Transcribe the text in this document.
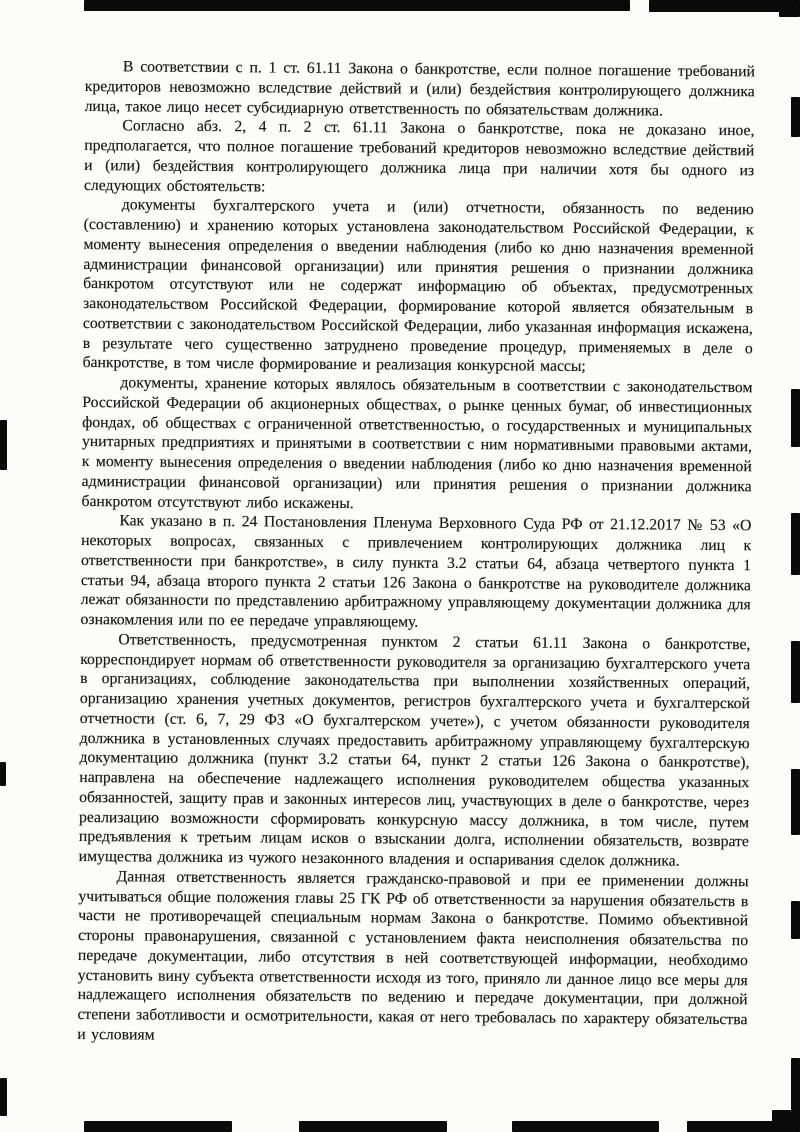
В соответствии с п. 1 ст. 61.11 Закона о банкротстве, если полное погашение требований кредиторов невозможно вследствие действий и (или) бездействия контролирующего должника лица, такое лицо несет субсидиарную ответственность по обязательствам должника.

Согласно абз. 2, 4 п. 2 ст. 61.11 Закона о банкротстве, пока не доказано иное, предполагается, что полное погашение требований кредиторов невозможно вследствие действий и (или) бездействия контролирующего должника лица при наличии хотя бы одного из следующих обстоятельств:

документы бухгалтерского учета и (или) отчетности, обязанность по ведению (составлению) и хранению которых установлена законодательством Российской Федерации, к моменту вынесения определения о введении наблюдения (либо ко дню назначения временной администрации финансовой организации) или принятия решения о признании должника банкротом отсутствуют или не содержат информацию об объектах, предусмотренных законодательством Российской Федерации, формирование которой является обязательным в соответствии с законодательством Российской Федерации, либо указанная информация искажена, в результате чего существенно затруднено проведение процедур, применяемых в деле о банкротстве, в том числе формирование и реализация конкурсной массы;

документы, хранение которых являлось обязательным в соответствии с законодательством Российской Федерации об акционерных обществах, о рынке ценных бумаг, об инвестиционных фондах, об обществах с ограниченной ответственностью, о государственных и муниципальных унитарных предприятиях и принятыми в соответствии с ним нормативными правовыми актами, к моменту вынесения определения о введении наблюдения (либо ко дню назначения временной администрации финансовой организации) или принятия решения о признании должника банкротом отсутствуют либо искажены.

Как указано в п. 24 Постановления Пленума Верховного Суда РФ от 21.12.2017 № 53 «О некоторых вопросах, связанных с привлечением контролирующих должника лиц к ответственности при банкротстве», в силу пункта 3.2 статьи 64, абзаца четвертого пункта 1 статьи 94, абзаца второго пункта 2 статьи 126 Закона о банкротстве на руководителе должника лежат обязанности по представлению арбитражному управляющему документации должника для ознакомления или по ее передаче управляющему.

Ответственность, предусмотренная пунктом 2 статьи 61.11 Закона о банкротстве, корреспондирует нормам об ответственности руководителя за организацию бухгалтерского учета в организациях, соблюдение законодательства при выполнении хозяйственных операций, организацию хранения учетных документов, регистров бухгалтерского учета и бухгалтерской отчетности (ст. 6, 7, 29 ФЗ «О бухгалтерском учете»), с учетом обязанности руководителя должника в установленных случаях предоставить арбитражному управляющему бухгалтерскую документацию должника (пункт 3.2 статьи 64, пункт 2 статьи 126 Закона о банкротстве), направлена на обеспечение надлежащего исполнения руководителем общества указанных обязанностей, защиту прав и законных интересов лиц, участвующих в деле о банкротстве, через реализацию возможности сформировать конкурсную массу должника, в том числе, путем предъявления к третьим лицам исков о взыскании долга, исполнении обязательств, возврате имущества должника из чужого незаконного владения и оспаривания сделок должника.

Данная ответственность является гражданско-правовой и при ее применении должны учитываться общие положения главы 25 ГК РФ об ответственности за нарушения обязательств в части не противоречащей специальным нормам Закона о банкротстве. Помимо объективной стороны правонарушения, связанной с установлением факта неисполнения обязательства по передаче документации, либо отсутствия в ней соответствующей информации, необходимо установить вину субъекта ответственности исходя из того, приняло ли данное лицо все меры для надлежащего исполнения обязательств по ведению и передаче документации, при должной степени заботливости и осмотрительности, какая от него требовалась по характеру обязательства и условиям
